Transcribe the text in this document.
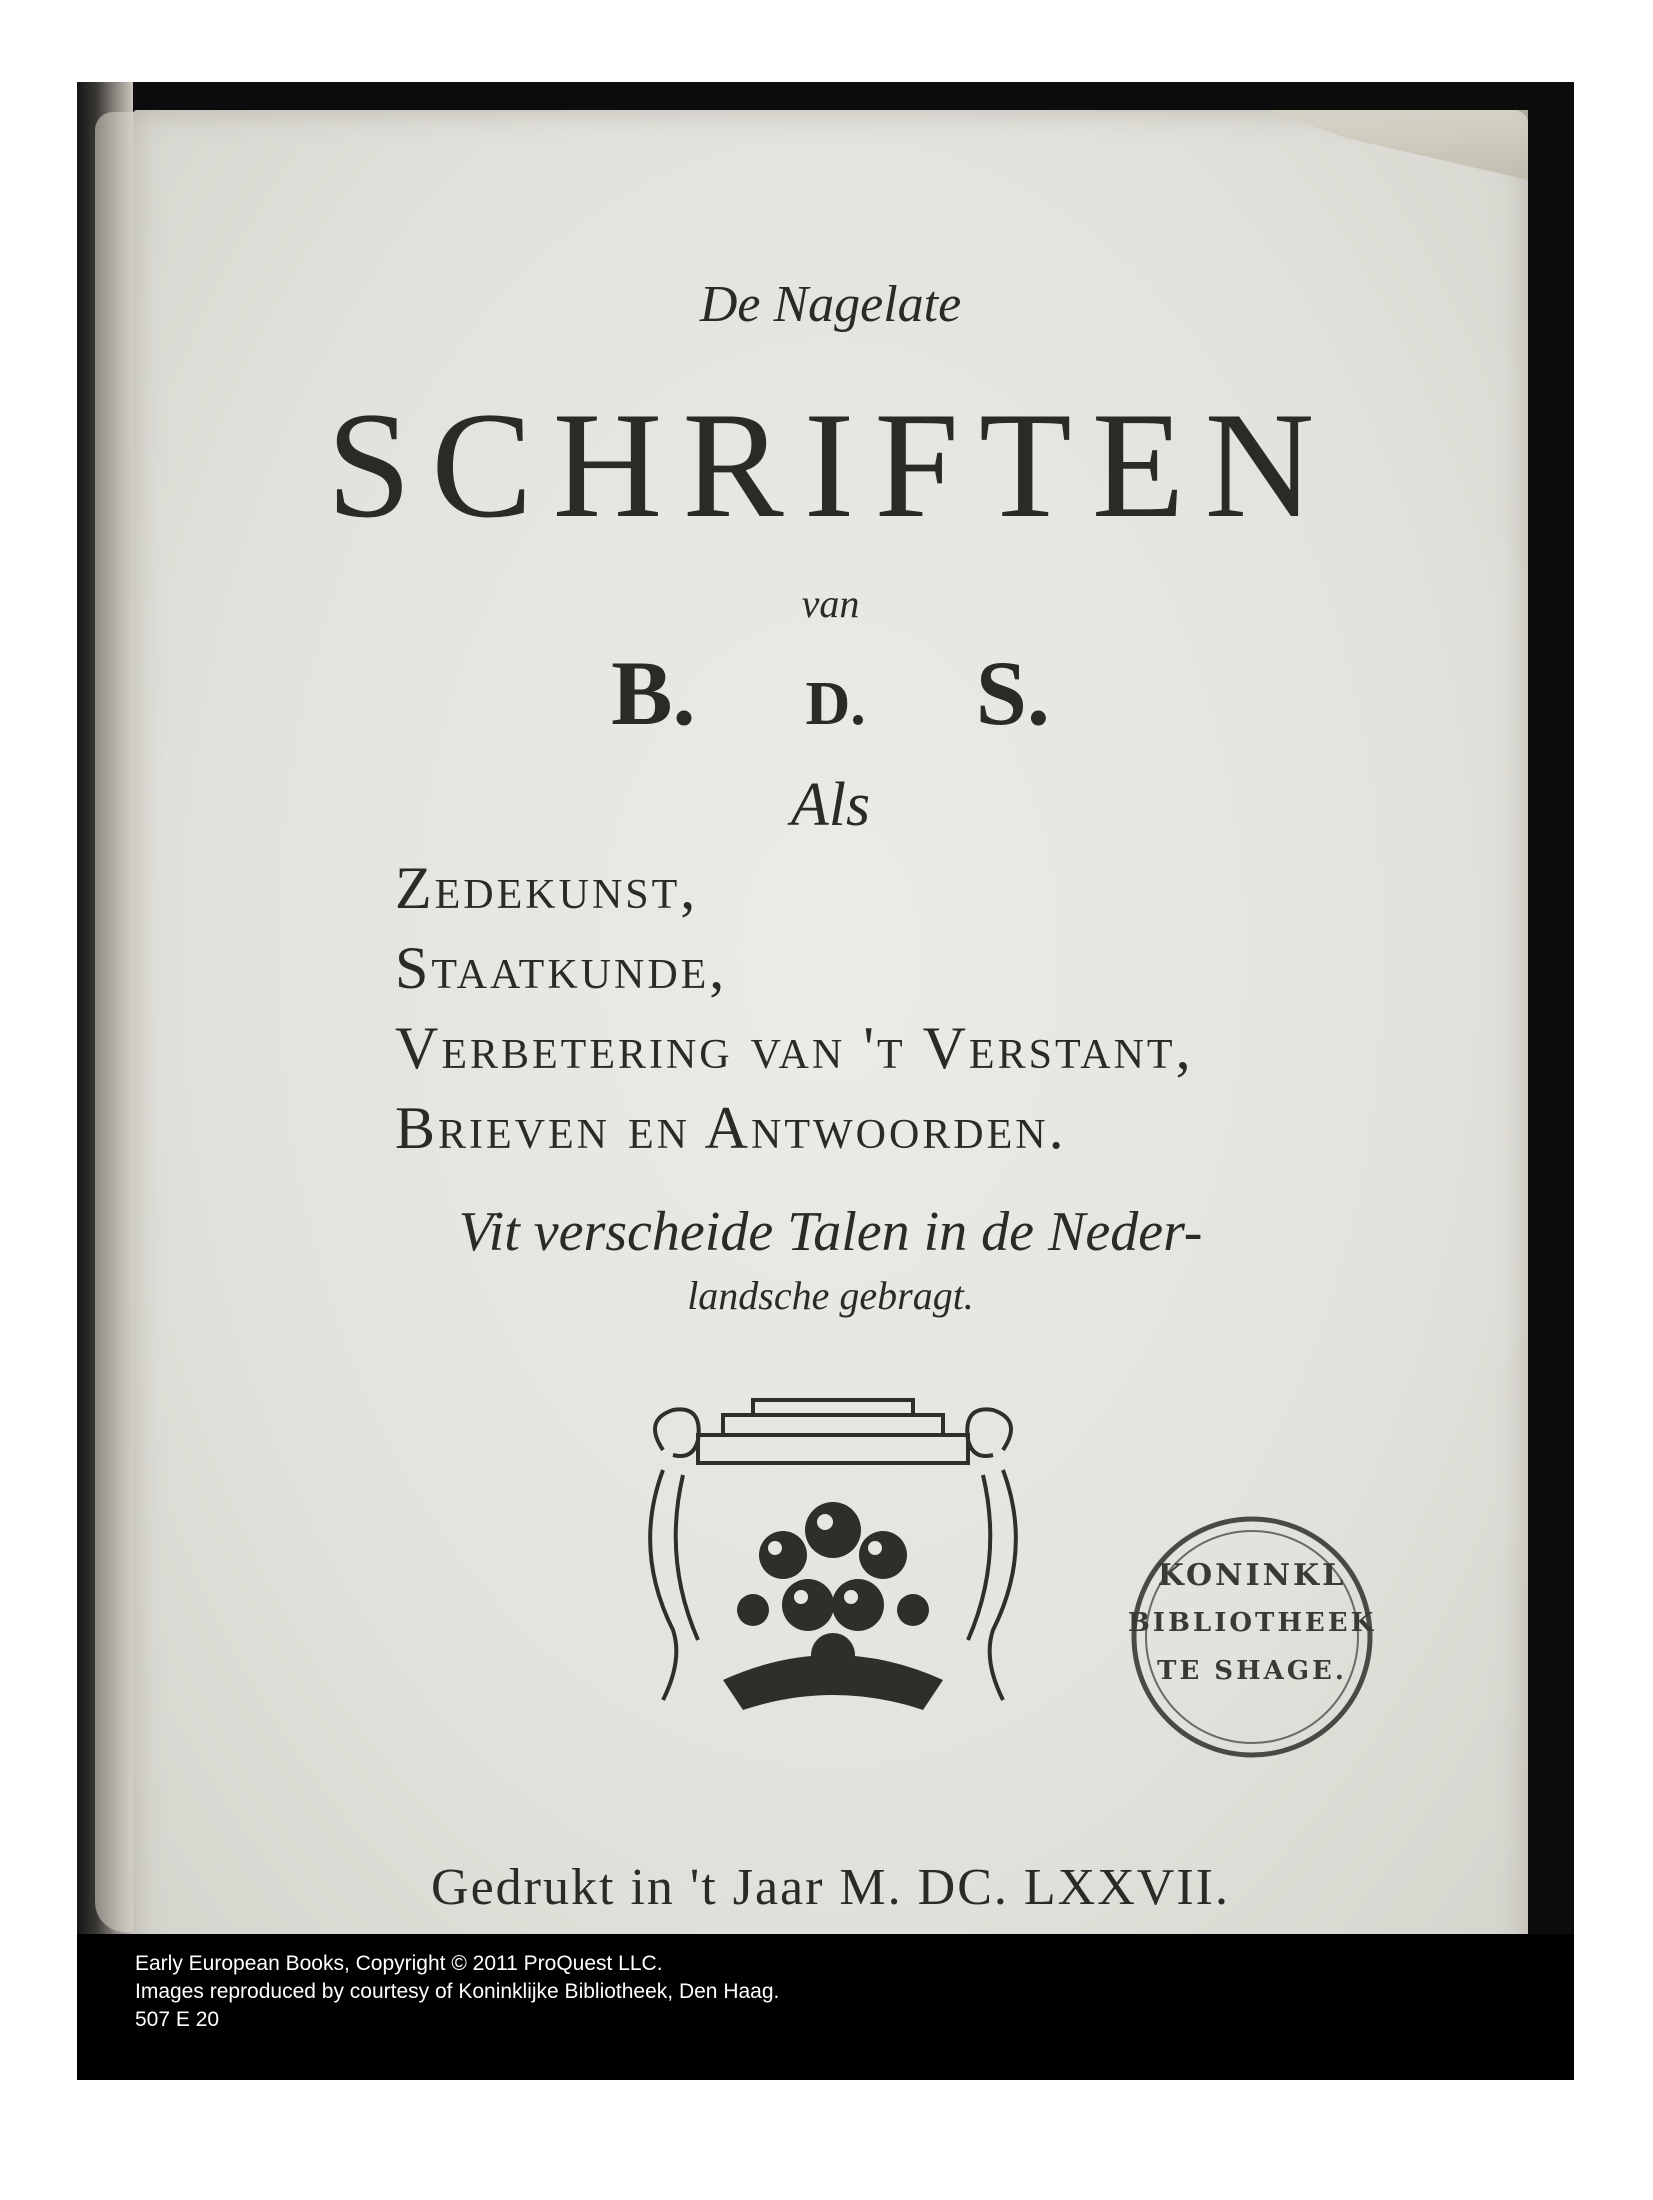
De Nagelate
SCHRIFTEN
van
B. D. S.
Als
Zedekunst,
Staatkunde,
Verbetering van 't Verstant,
Brieven en Antwoorden.
Vit verscheide Talen in de Neder-
landsche gebragt.
KONINKL
BIBLIOTHEEK
TE SHAGE.
Gedrukt in 't Jaar M. DC. LXXVII.
Early European Books, Copyright © 2011 ProQuest LLC.
Images reproduced by courtesy of Koninklijke Bibliotheek, Den Haag.
507 E 20
